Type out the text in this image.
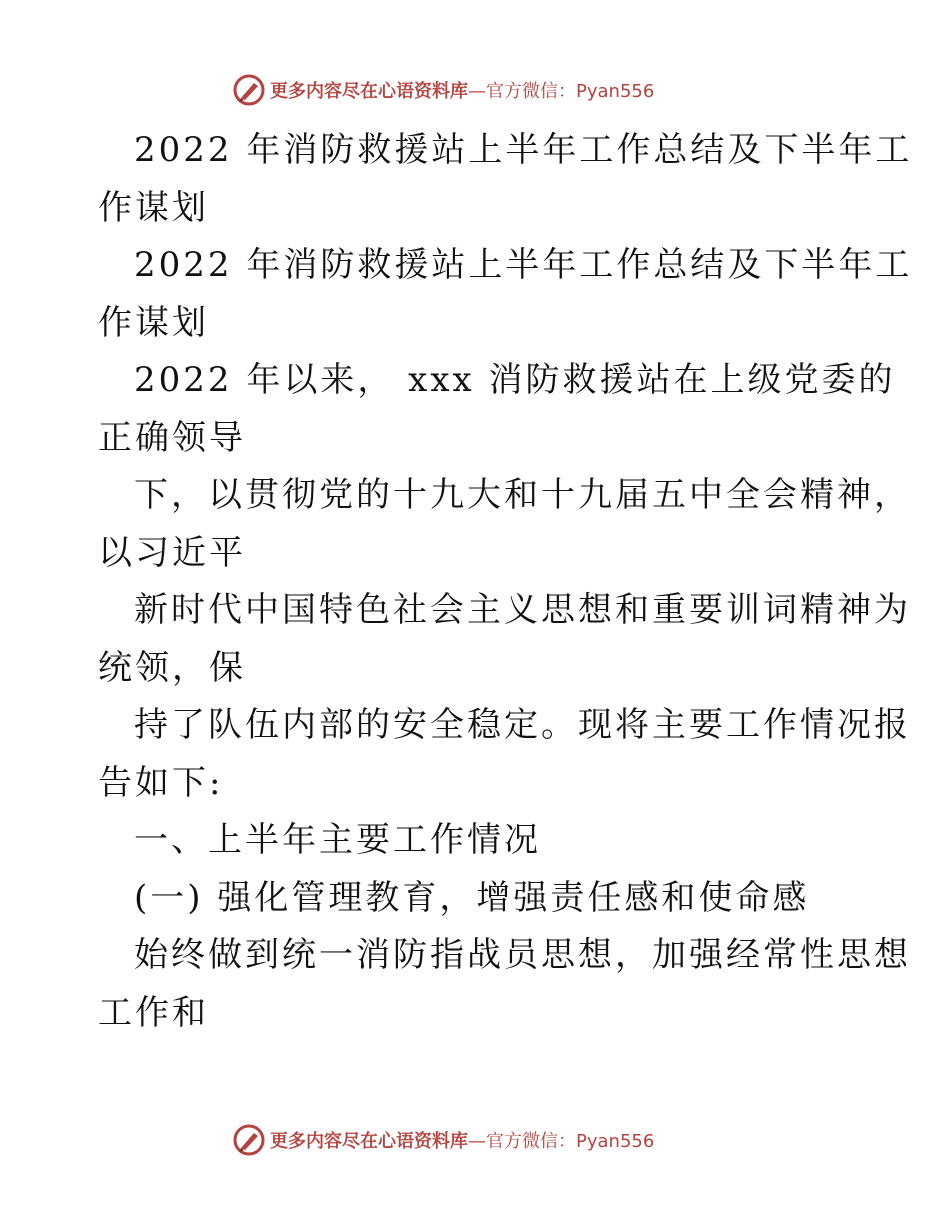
更多内容尽在心语资料库—官方微信：Pyan556
2022 年消防救援站上半年工作总结及下半年工
作谋划
2022 年消防救援站上半年工作总结及下半年工
作谋划
2022 年以来， xxx 消防救援站在上级党委的
正确领导
下，以贯彻党的十九大和十九届五中全会精神，
以习近平
新时代中国特色社会主义思想和重要训词精神为
统领，保
持了队伍内部的安全稳定。现将主要工作情况报
告如下:
一、上半年主要工作情况
(一) 强化管理教育，增强责任感和使命感
始终做到统一消防指战员思想，加强经常性思想
工作和
更多内容尽在心语资料库—官方微信：Pyan556
